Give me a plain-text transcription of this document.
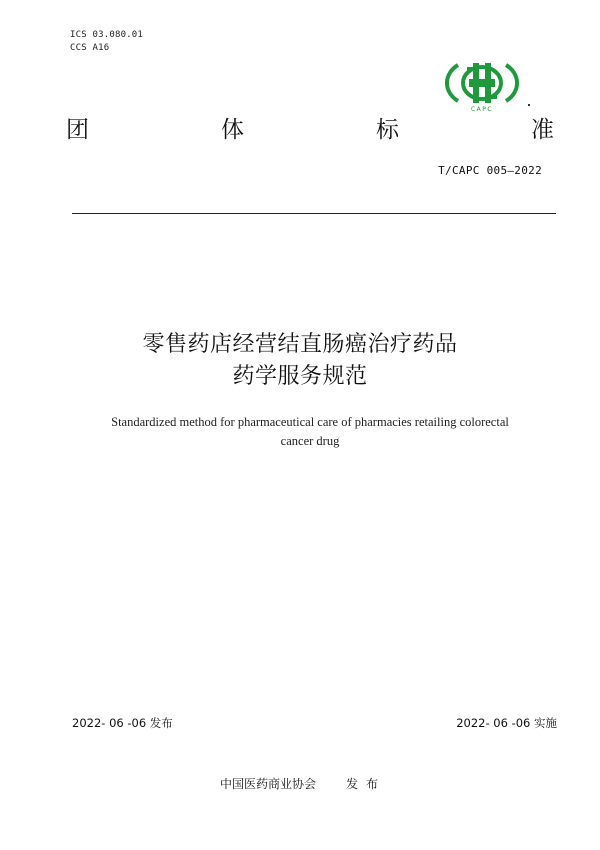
ICS 03.080.01
CCS A16
CAPC
团	体	标	准
T/CAPC 005—2022
零售药店经营结直肠癌治疗药品
药学服务规范
Standardized method for pharmaceutical care of pharmacies retailing colorectal
cancer drug
2022- 06 -06 发布	2022- 06 -06 实施
中国医药商业协会	发布
